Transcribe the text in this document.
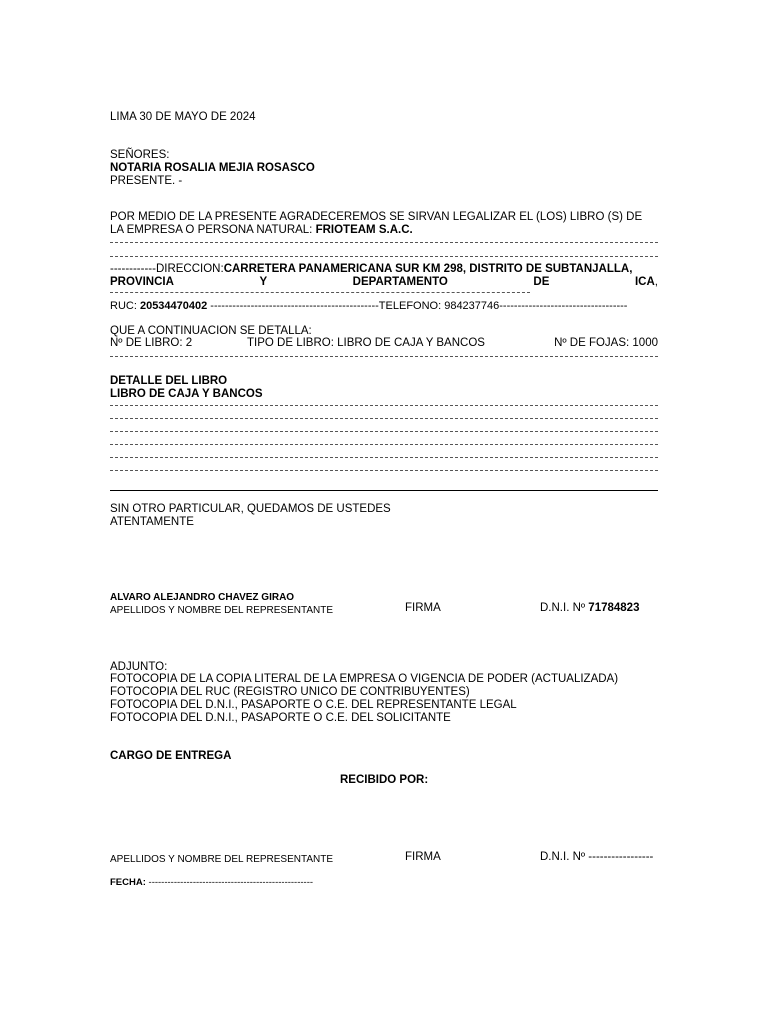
LIMA 30 DE MAYO DE 2024
SEÑORES:
NOTARIA ROSALIA MEJIA ROSASCO
PRESENTE. -
POR MEDIO DE LA PRESENTE AGRADECEREMOS SE SIRVAN LEGALIZAR EL (LOS) LIBRO (S) DE
LA EMPRESA O PERSONA NATURAL: FRIOTEAM S.A.C.
------------DIRECCION:CARRETERA PANAMERICANA SUR KM 298, DISTRITO DE SUBTANJALLA,
PROVINCIA	Y	DEPARTAMENTO	DE	ICA,
RUC: 20534470402 ----------------------------------------------TELEFONO: 984237746-----------------------------------
QUE A CONTINUACION SE DETALLA:
Nº DE LIBRO: 2	TIPO DE LIBRO: LIBRO DE CAJA Y BANCOS	Nº DE FOJAS: 1000
DETALLE DEL LIBRO
LIBRO DE CAJA Y BANCOS
SIN OTRO PARTICULAR, QUEDAMOS DE USTEDES
ATENTAMENTE
ALVARO ALEJANDRO CHAVEZ GIRAO
APELLIDOS Y NOMBRE DEL REPRESENTANTE	FIRMA	D.N.I. Nº 71784823
ADJUNTO:
FOTOCOPIA DE LA COPIA LITERAL DE LA EMPRESA O VIGENCIA DE PODER (ACTUALIZADA)
FOTOCOPIA DEL RUC (REGISTRO UNICO DE CONTRIBUYENTES)
FOTOCOPIA DEL D.N.I., PASAPORTE O C.E. DEL REPRESENTANTE LEGAL
FOTOCOPIA DEL D.N.I., PASAPORTE O C.E. DEL SOLICITANTE
CARGO DE ENTREGA
RECIBIDO POR:
APELLIDOS Y NOMBRE DEL REPRESENTANTE	FIRMA	D.N.I. Nº -----------------
FECHA: ----------------------------------------------------
